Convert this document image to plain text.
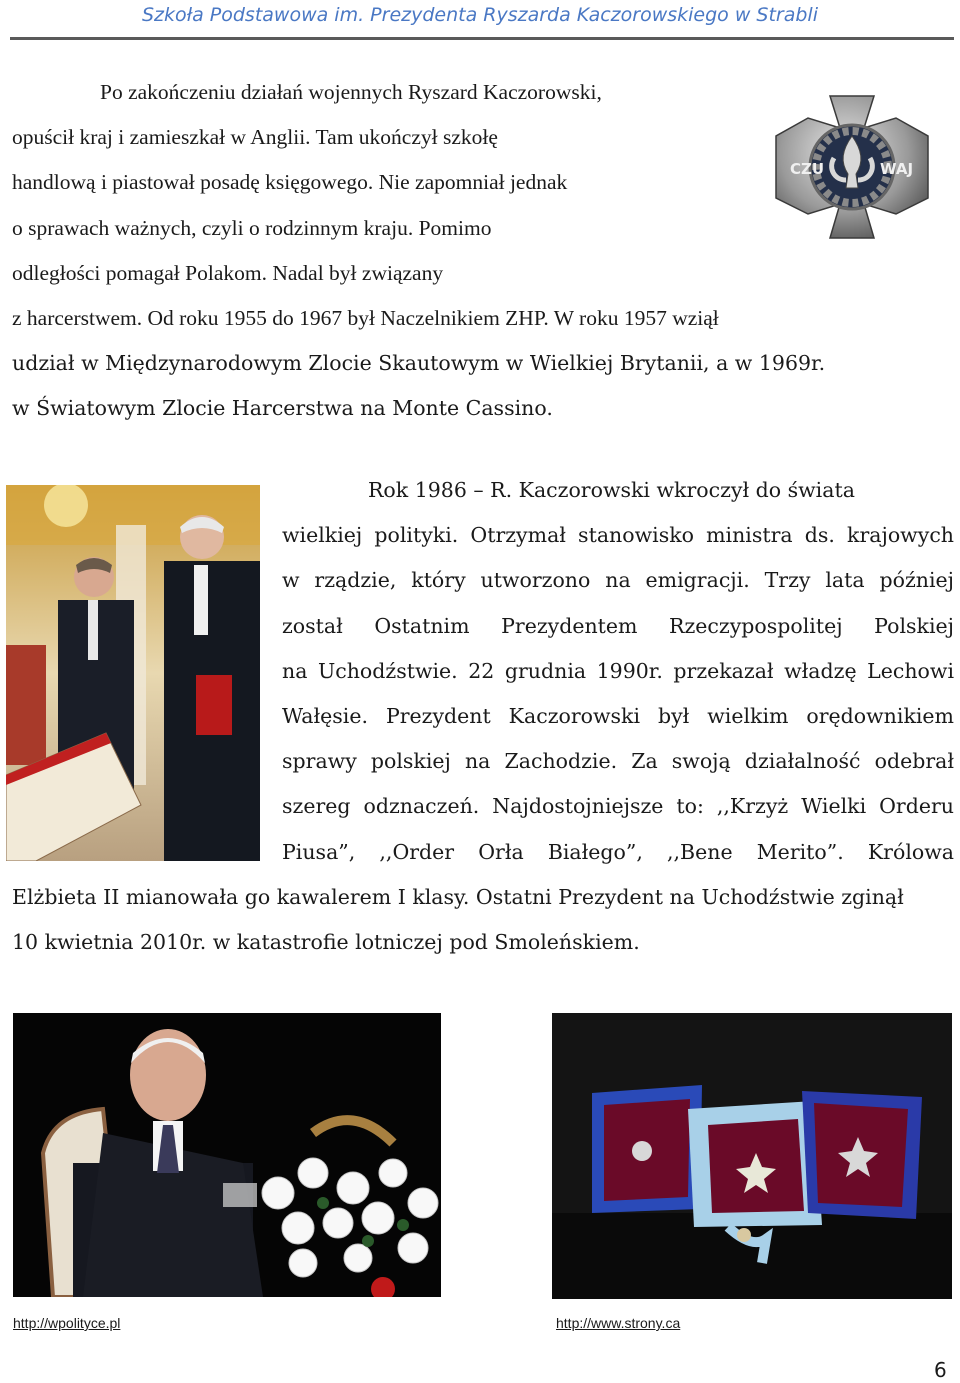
Szkoła Podstawowa im. Prezydenta Ryszarda Kaczorowskiego w Strabli
Po zakończeniu działań wojennych Ryszard Kaczorowski,
opuścił kraj i zamieszkał w Anglii. Tam ukończył szkołę
handlową i piastował posadę księgowego. Nie zapomniał jednak
o sprawach ważnych, czyli o rodzinnym kraju. Pomimo
odległości pomagał Polakom. Nadal był związany
z harcerstwem. Od roku 1955 do 1967 był Naczelnikiem ZHP. W roku 1957 wziął
udział w Międzynarodowym Zlocie Skautowym w Wielkiej Brytanii, a w 1969r.
w Światowym Zlocie Harcerstwa na Monte Cassino.
CZU	WAJ
Rok 1986 – R. Kaczorowski wkroczył do świata
wielkiej polityki. Otrzymał stanowisko ministra ds. krajowych
w rządzie, który utworzono na emigracji. Trzy lata później
został Ostatnim Prezydentem Rzeczypospolitej Polskiej
na Uchodźstwie. 22 grudnia 1990r. przekazał władzę Lechowi
Wałęsie. Prezydent Kaczorowski był wielkim orędownikiem
sprawy polskiej na Zachodzie. Za swoją działalność odebrał
szereg odznaczeń. Najdostojniejsze to: ,,Krzyż Wielki Orderu
Piusa”, ,,Order Orła Białego”, ,,Bene Merito”. Królowa
Elżbieta II mianowała go kawalerem I klasy. Ostatni Prezydent na Uchodźstwie zginął
10 kwietnia 2010r. w katastrofie lotniczej pod Smoleńskiem.
http://wpolityce.pl	http://www.strony.ca
6
